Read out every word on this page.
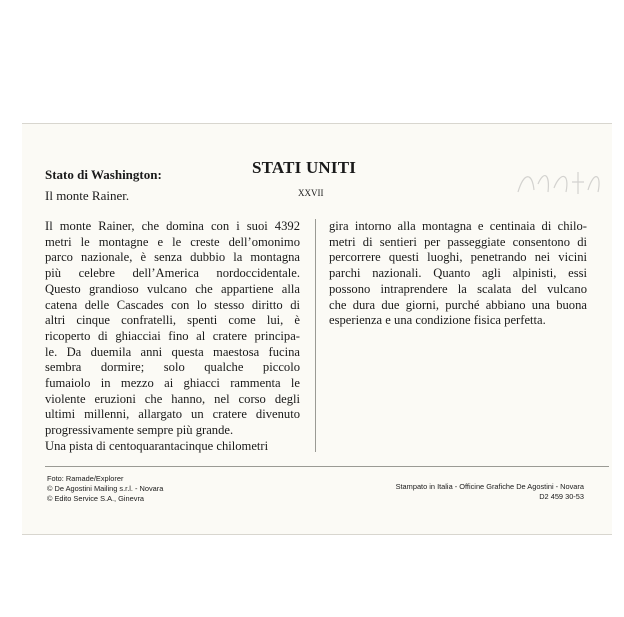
Stato di Washington:
Il monte Rainer.
STATI UNITI
XXVII
Il monte Rainer, che domina con i suoi 4392
metri le montagne e le creste dell’omonimo
parco nazionale, è senza dubbio la montagna
più celebre dell’America nordoccidentale.
Questo grandioso vulcano che appartiene alla
catena delle Cascades con lo stesso diritto di
altri cinque confratelli, spenti come lui, è
ricoperto di ghiacciai fino al cratere principa-
le. Da duemila anni questa maestosa fucina
sembra dormire; solo qualche piccolo
fumaiolo in mezzo ai ghiacci rammenta le
violente eruzioni che hanno, nel corso degli
ultimi millenni, allargato un cratere divenuto
progressivamente sempre più grande.
Una pista di centoquarantacinque chilometri
gira intorno alla montagna e centinaia di chilo-
metri di sentieri per passeggiate consentono di
percorrere questi luoghi, penetrando nei vicini
parchi nazionali. Quanto agli alpinisti, essi
possono intraprendere la scalata del vulcano
che dura due giorni, purché abbiano una buona
esperienza e una condizione fisica perfetta.
Foto: Ramade/Explorer
© De Agostini Mailing s.r.l. - Novara
© Edito Service S.A., Ginevra
Stampato in Italia - Officine Grafiche De Agostini - Novara
D2 459 30-53
